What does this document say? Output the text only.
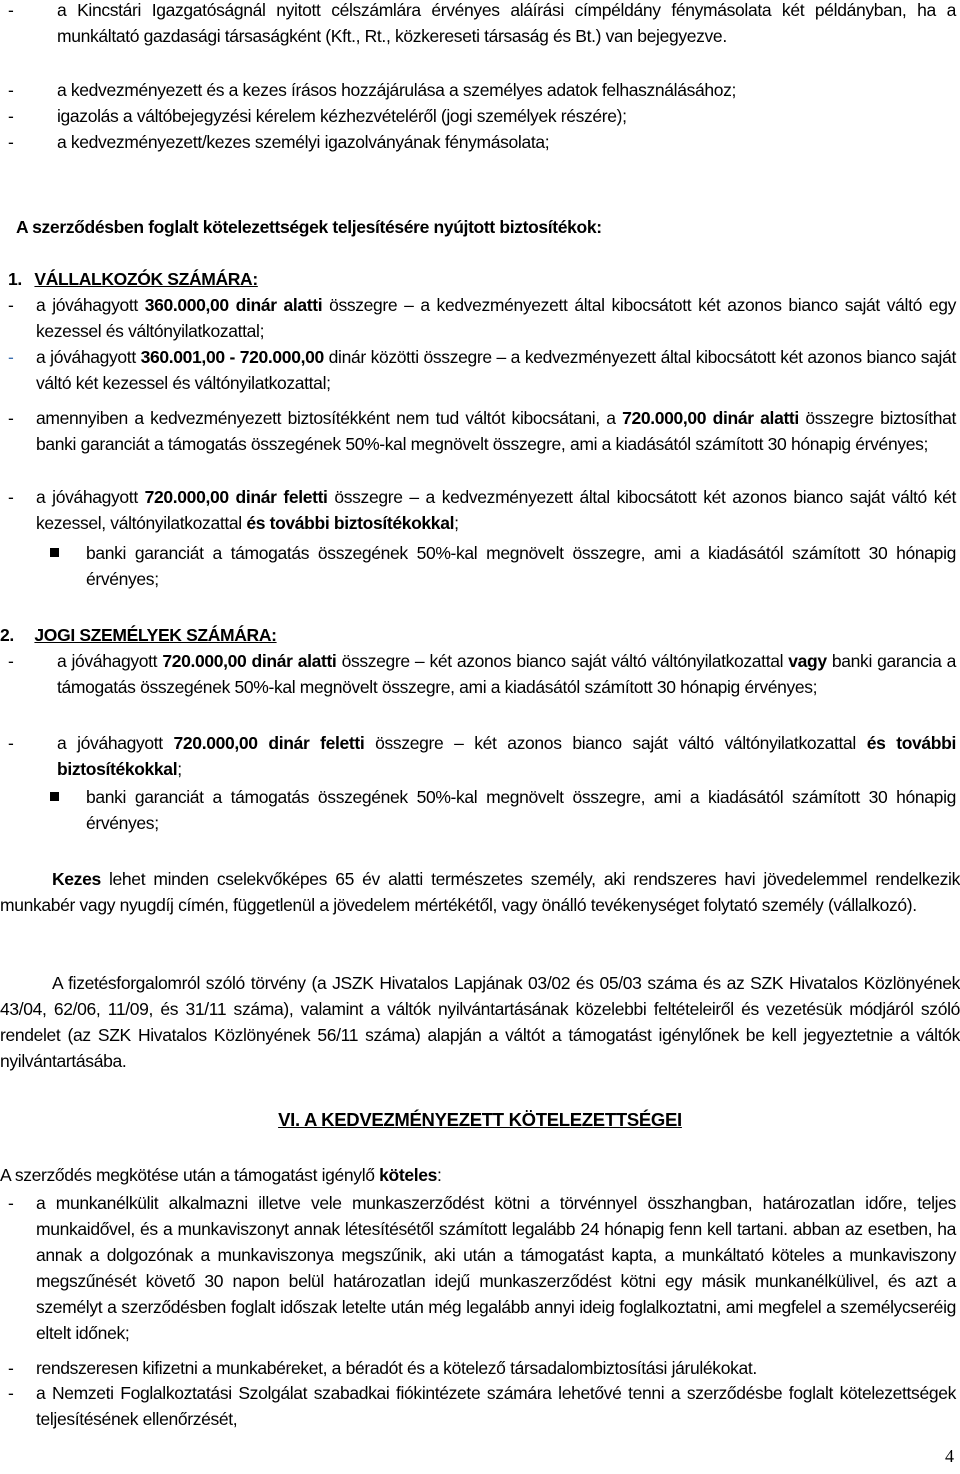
-	a Kincstári Igazgatóságnál nyitott célszámlára érvényes aláírási címpéldány fénymásolata két példányban, ha a munkáltató gazdasági társaságként (Kft., Rt., közkereseti társaság és Bt.) van bejegyezve.
-	a kedvezményezett és a kezes írásos hozzájárulása a személyes adatok felhasználásához;
-	igazolás a váltóbejegyzési kérelem kézhezvételéről (jogi személyek részére);
-	a kedvezményezett/kezes személyi igazolványának fénymásolata;
A szerződésben foglalt kötelezettségek teljesítésére nyújtott biztosítékok:
1. VÁLLALKOZÓK SZÁMÁRA:
-	a jóváhagyott 360.000,00 dinár alatti összegre – a kedvezményezett által kibocsátott két azonos bianco saját váltó egy kezessel és váltónyilatkozattal;
-	a jóváhagyott 360.001,00 - 720.000,00 dinár közötti összegre – a kedvezményezett által kibocsátott két azonos bianco saját váltó két kezessel és váltónyilatkozattal;
-	amennyiben a kedvezményezett biztosítékként nem tud váltót kibocsátani, a 720.000,00 dinár alatti összegre biztosíthat banki garanciát a támogatás összegének 50%-kal megnövelt összegre, ami a kiadásától számított 30 hónapig érvényes;
-	a jóváhagyott 720.000,00 dinár feletti összegre – a kedvezményezett által kibocsátott két azonos bianco saját váltó két kezessel, váltónyilatkozattal és további biztosítékokkal;
banki garanciát a támogatás összegének 50%-kal megnövelt összegre, ami a kiadásától számított 30 hónapig érvényes;
2. JOGI SZEMÉLYEK SZÁMÁRA:
-	a jóváhagyott 720.000,00 dinár alatti összegre – két azonos bianco saját váltó váltónyilatkozattal vagy banki garancia a támogatás összegének 50%-kal megnövelt összegre, ami a kiadásától számított 30 hónapig érvényes;
-	a jóváhagyott 720.000,00 dinár feletti összegre – két azonos bianco saját váltó váltónyilatkozattal és további biztosítékokkal;
banki garanciát a támogatás összegének 50%-kal megnövelt összegre, ami a kiadásától számított 30 hónapig érvényes;
Kezes lehet minden cselekvőképes 65 év alatti természetes személy, aki rendszeres havi jövedelemmel rendelkezik munkabér vagy nyugdíj címén, függetlenül a jövedelem mértékétől, vagy önálló tevékenységet folytató személy (vállalkozó).
A fizetésforgalomról szóló törvény (a JSZK Hivatalos Lapjának 03/02 és 05/03 száma és az SZK Hivatalos Közlönyének 43/04, 62/06, 11/09, és 31/11 száma), valamint a váltók nyilvántartásának közelebbi feltételeiről és vezetésük módjáról szóló rendelet (az SZK Hivatalos Közlönyének 56/11 száma) alapján a váltót a támogatást igénylőnek be kell jegyeztetnie a váltók nyilvántartásába.
VI. A KEDVEZMÉNYEZETT KÖTELEZETTSÉGEI
A szerződés megkötése után a támogatást igénylő köteles:
-	a munkanélkülit alkalmazni illetve vele munkaszerződést kötni a törvénnyel összhangban, határozatlan időre, teljes munkaidővel, és a munkaviszonyt annak létesítésétől számított legalább 24 hónapig fenn kell tartani. abban az esetben, ha annak a dolgozónak a munkaviszonya megszűnik, aki után a támogatást kapta, a munkáltató köteles a munkaviszony megszűnését követő 30 napon belül határozatlan idejű munkaszerződést kötni egy másik munkanélkülivel, és azt a személyt a szerződésben foglalt időszak letelte után még legalább annyi ideig foglalkoztatni, ami megfelel a személycseréig eltelt időnek;
-	rendszeresen kifizetni a munkabéreket, a béradót és a kötelező társadalombiztosítási járulékokat.
-	a Nemzeti Foglalkoztatási Szolgálat szabadkai fiókintézete számára lehetővé tenni a szerződésbe foglalt kötelezettségek teljesítésének ellenőrzését,
4
